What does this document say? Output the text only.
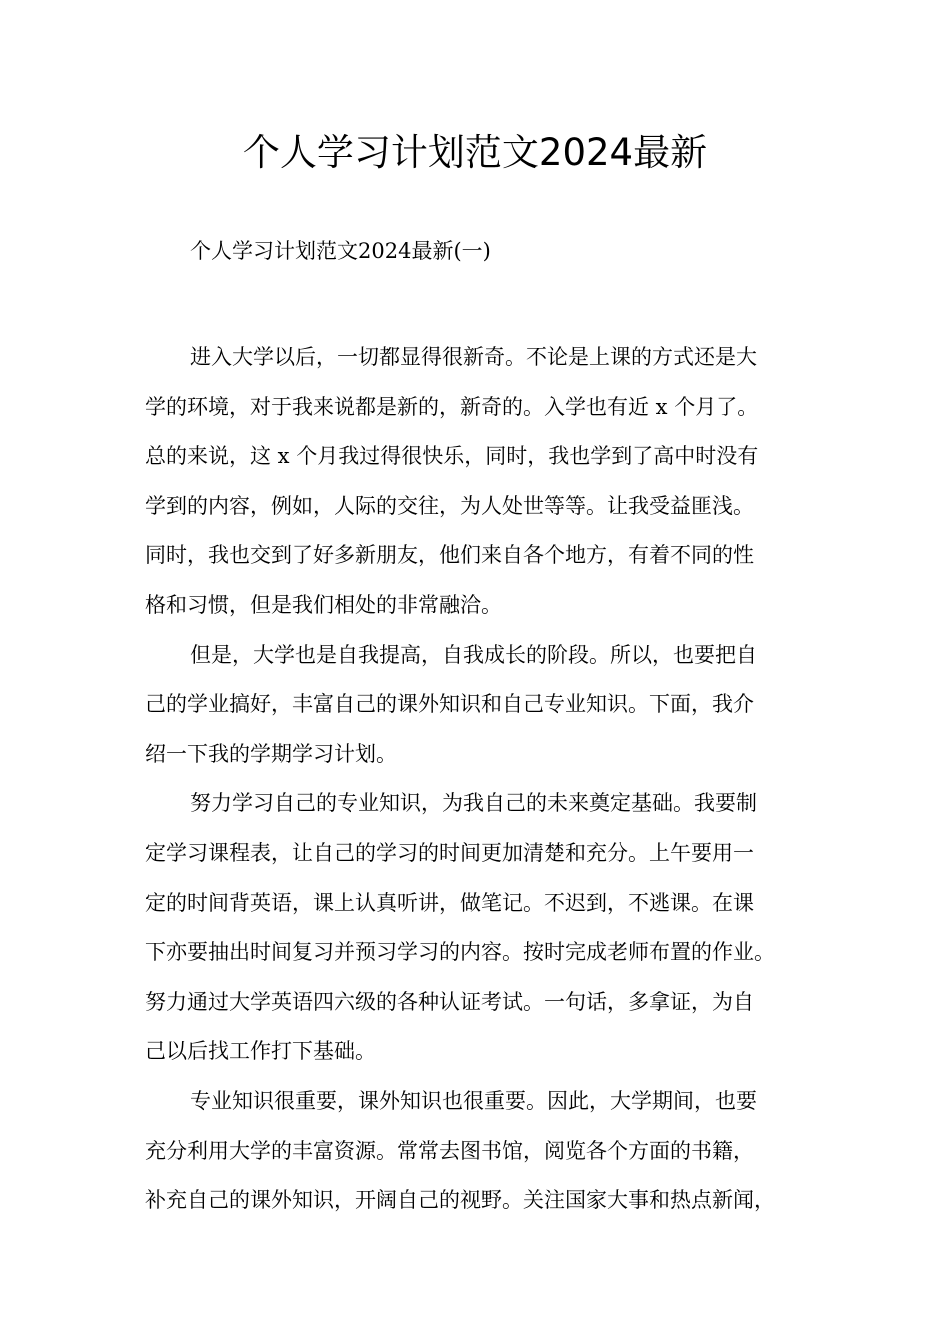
个人学习计划范文2024最新

个人学习计划范文2024最新(一)

进入大学以后，一切都显得很新奇。不论是上课的方式还是大
学的环境，对于我来说都是新的，新奇的。入学也有近 x 个月了。
总的来说，这 x 个月我过得很快乐，同时，我也学到了高中时没有
学到的内容，例如，人际的交往，为人处世等等。让我受益匪浅。
同时，我也交到了好多新朋友，他们来自各个地方，有着不同的性
格和习惯，但是我们相处的非常融洽。

但是，大学也是自我提高，自我成长的阶段。所以，也要把自
己的学业搞好，丰富自己的课外知识和自己专业知识。下面，我介
绍一下我的学期学习计划。

努力学习自己的专业知识，为我自己的未来奠定基础。我要制
定学习课程表，让自己的学习的时间更加清楚和充分。上午要用一
定的时间背英语，课上认真听讲，做笔记。不迟到，不逃课。在课
下亦要抽出时间复习并预习学习的内容。按时完成老师布置的作业。
努力通过大学英语四六级的各种认证考试。一句话，多拿证，为自
己以后找工作打下基础。

专业知识很重要，课外知识也很重要。因此，大学期间，也要
充分利用大学的丰富资源。常常去图书馆，阅览各个方面的书籍，
补充自己的课外知识，开阔自己的视野。关注国家大事和热点新闻，
